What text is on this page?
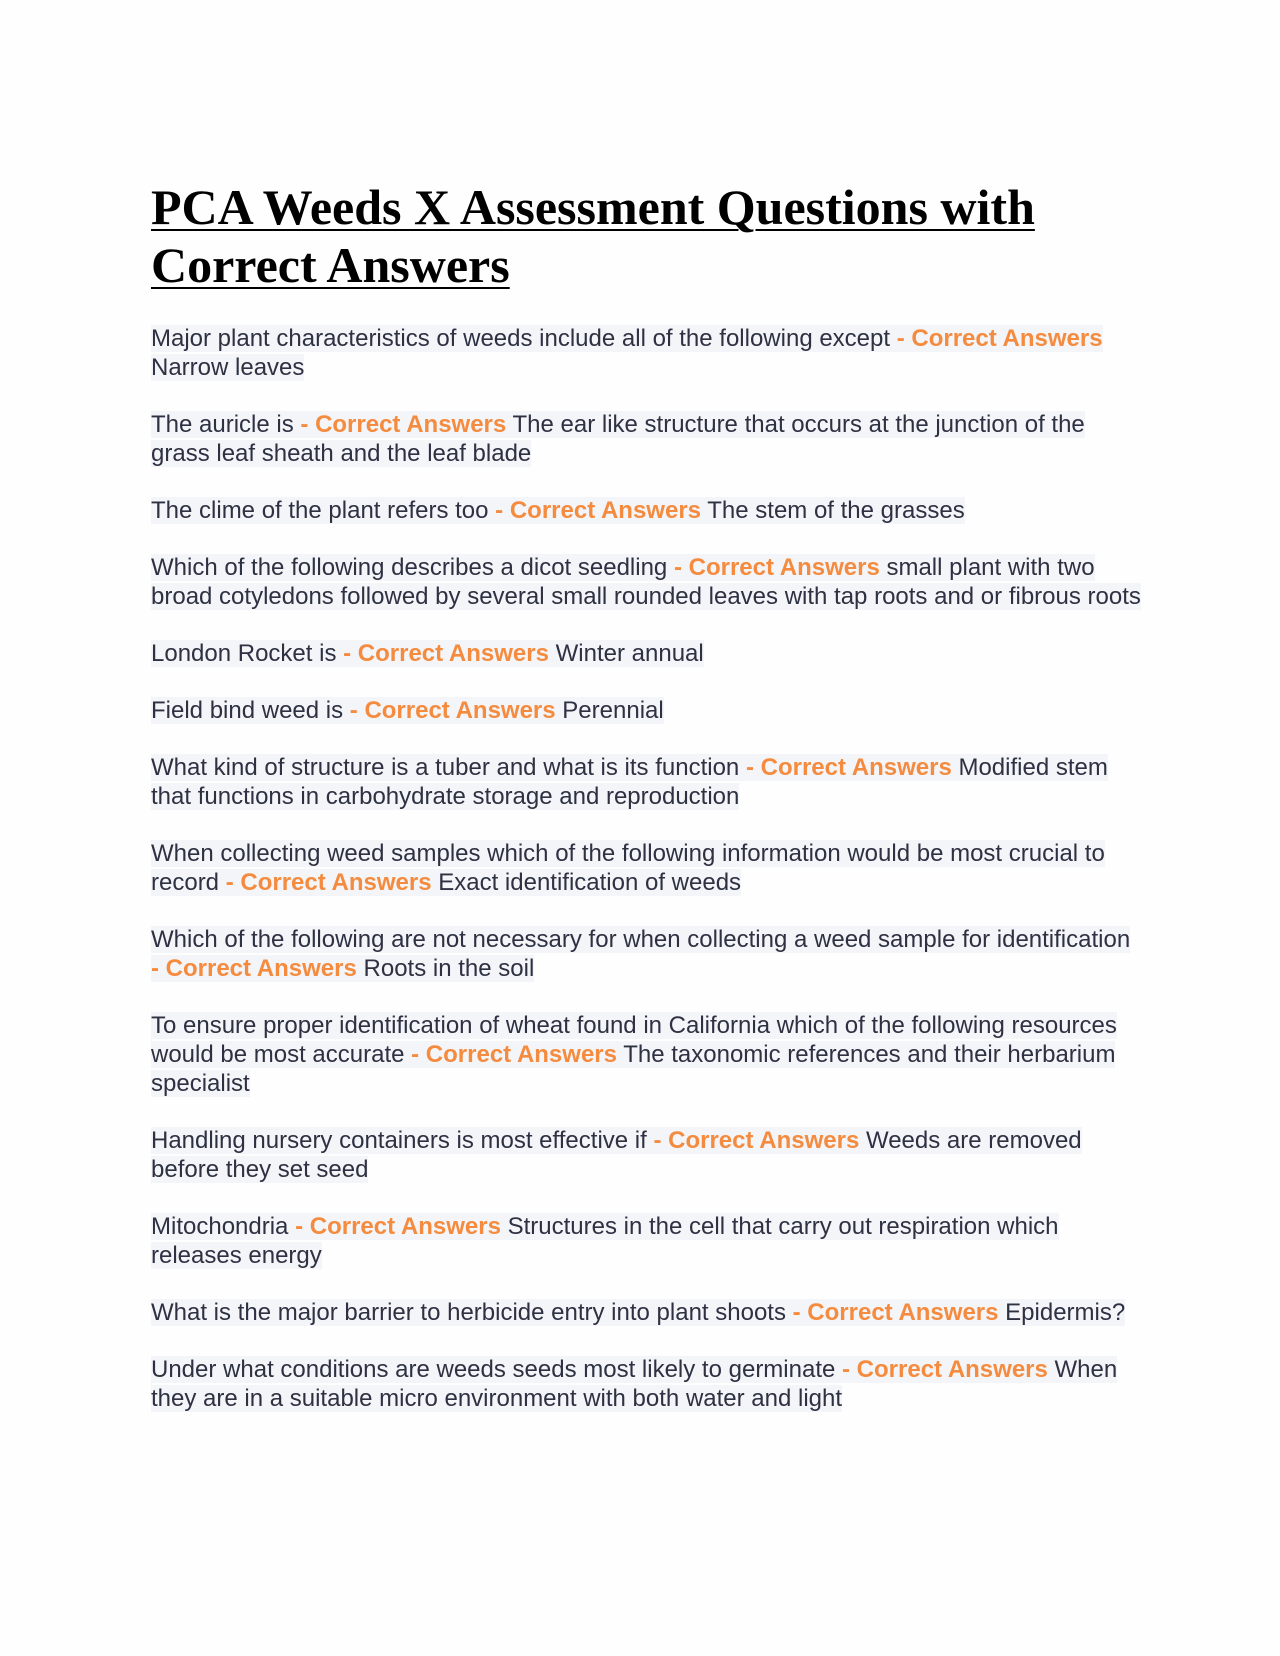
PCA Weeds X Assessment Questions with Correct Answers

Major plant characteristics of weeds include all of the following except - Correct Answers Narrow leaves

The auricle is - Correct Answers The ear like structure that occurs at the junction of the grass leaf sheath and the leaf blade

The clime of the plant refers too - Correct Answers The stem of the grasses

Which of the following describes a dicot seedling - Correct Answers small plant with two broad cotyledons followed by several small rounded leaves with tap roots and or fibrous roots

London Rocket is - Correct Answers Winter annual

Field bind weed is - Correct Answers Perennial

What kind of structure is a tuber and what is its function - Correct Answers Modified stem that functions in carbohydrate storage and reproduction

When collecting weed samples which of the following information would be most crucial to record - Correct Answers Exact identification of weeds

Which of the following are not necessary for when collecting a weed sample for identification - Correct Answers Roots in the soil

To ensure proper identification of wheat found in California which of the following resources would be most accurate - Correct Answers The taxonomic references and their herbarium specialist

Handling nursery containers is most effective if - Correct Answers Weeds are removed before they set seed

Mitochondria - Correct Answers Structures in the cell that carry out respiration which releases energy

What is the major barrier to herbicide entry into plant shoots - Correct Answers Epidermis?

Under what conditions are weeds seeds most likely to germinate - Correct Answers When they are in a suitable micro environment with both water and light
